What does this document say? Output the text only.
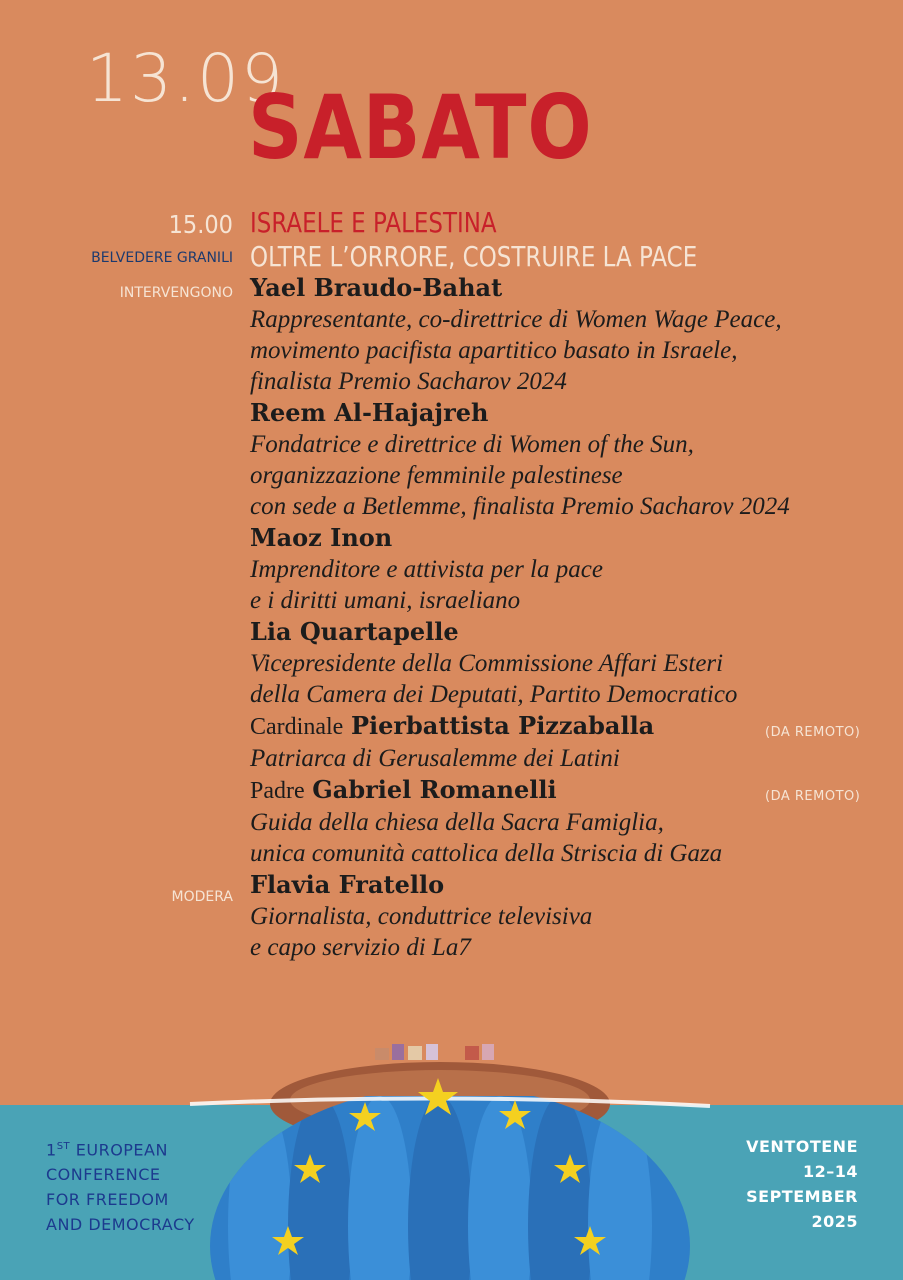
13.09
SABATO
15.00
BELVEDERE GRANILI
INTERVENGONO
MODERA
ISRAELE E PALESTINA
OLTRE L’ORRORE, COSTRUIRE LA PACE
Yael Braudo-Bahat
Rappresentante, co-direttrice di Women Wage Peace,
movimento pacifista apartitico basato in Israele,
finalista Premio Sacharov 2024
Reem Al-Hajajreh
Fondatrice e direttrice di Women of the Sun,
organizzazione femminile palestinese
con sede a Betlemme, finalista Premio Sacharov 2024
Maoz Inon
Imprenditore e attivista per la pace
e i diritti umani, israeliano
Lia Quartapelle
Vicepresidente della Commissione Affari Esteri
della Camera dei Deputati, Partito Democratico
Cardinale Pierbattista Pizzaballa	(DA REMOTO)
Patriarca di Gerusalemme dei Latini
Padre Gabriel Romanelli	(DA REMOTO)
Guida della chiesa della Sacra Famiglia,
unica comunità cattolica della Striscia di Gaza
Flavia Fratello
Giornalista, conduttrice televisiva
e capo servizio di La7
1ST EUROPEAN
CONFERENCE
FOR FREEDOM
AND DEMOCRACY
VENTOTENE
12–14
SEPTEMBER
2025
